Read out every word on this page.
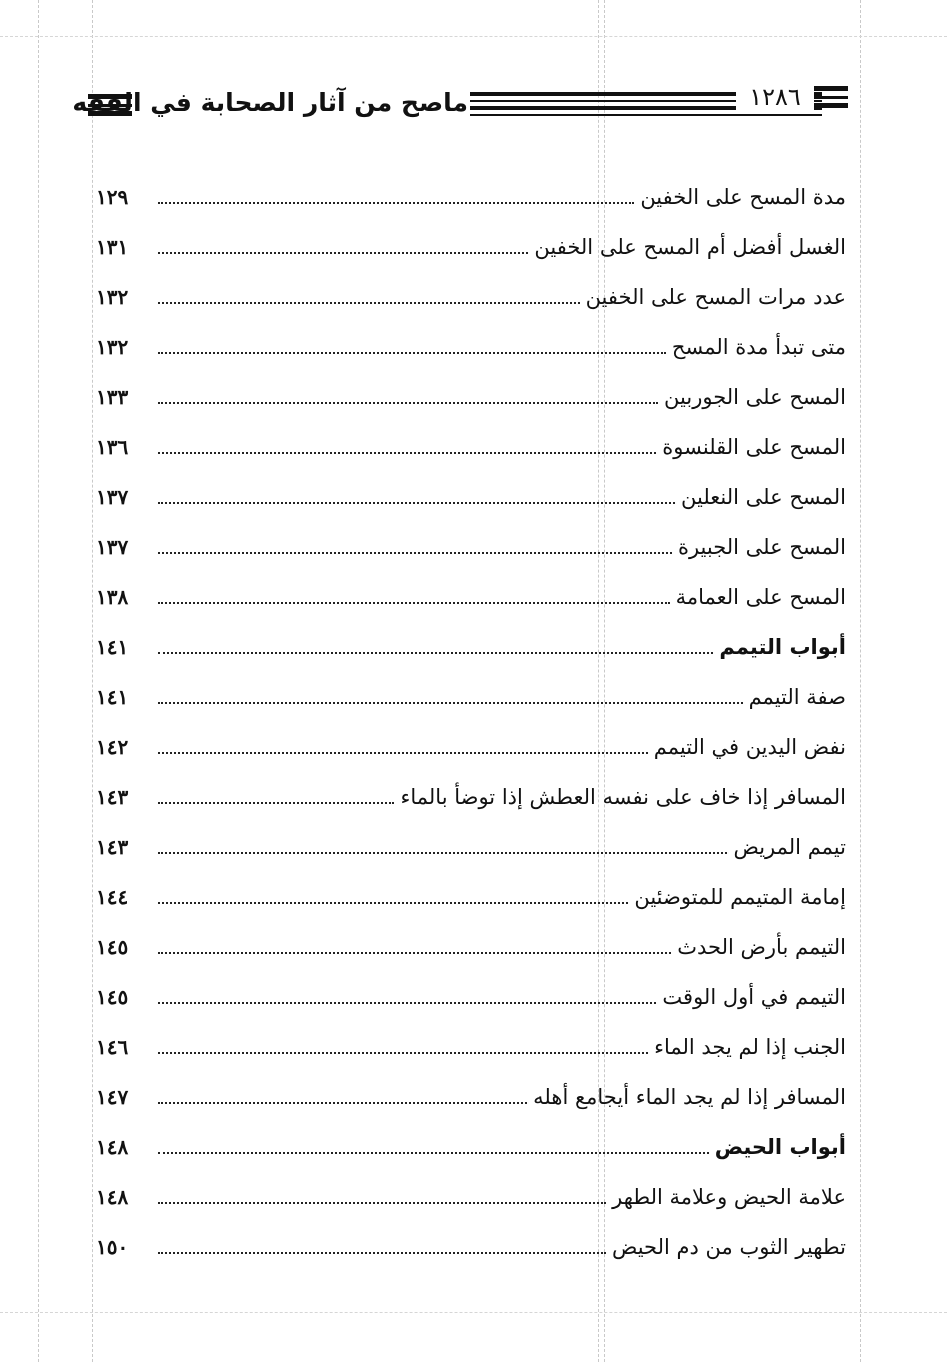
ماصح من آثار الصحابة في الفقه	١٢٨٦
مدة المسح على الخفين
١٢٩
الغسل أفضل أم المسح على الخفين
١٣١
عدد مرات المسح على الخفين
١٣٢
متى تبدأ مدة المسح
١٣٢
المسح على الجوربين
١٣٣
المسح على القلنسوة
١٣٦
المسح على النعلين
١٣٧
المسح على الجبيرة
١٣٧
المسح على العمامة
١٣٨
أبواب التيمم
١٤١
صفة التيمم
١٤١
نفض اليدين في التيمم
١٤٢
المسافر إذا خاف على نفسه العطش إذا توضأ بالماء
١٤٣
تيمم المريض
١٤٣
إمامة المتيمم للمتوضئين
١٤٤
التيمم بأرض الحدث
١٤٥
التيمم في أول الوقت
١٤٥
الجنب إذا لم يجد الماء
١٤٦
المسافر إذا لم يجد الماء أيجامع أهله
١٤٧
أبواب الحيض
١٤٨
علامة الحيض وعلامة الطهر
١٤٨
تطهير الثوب من دم الحيض
١٥٠
